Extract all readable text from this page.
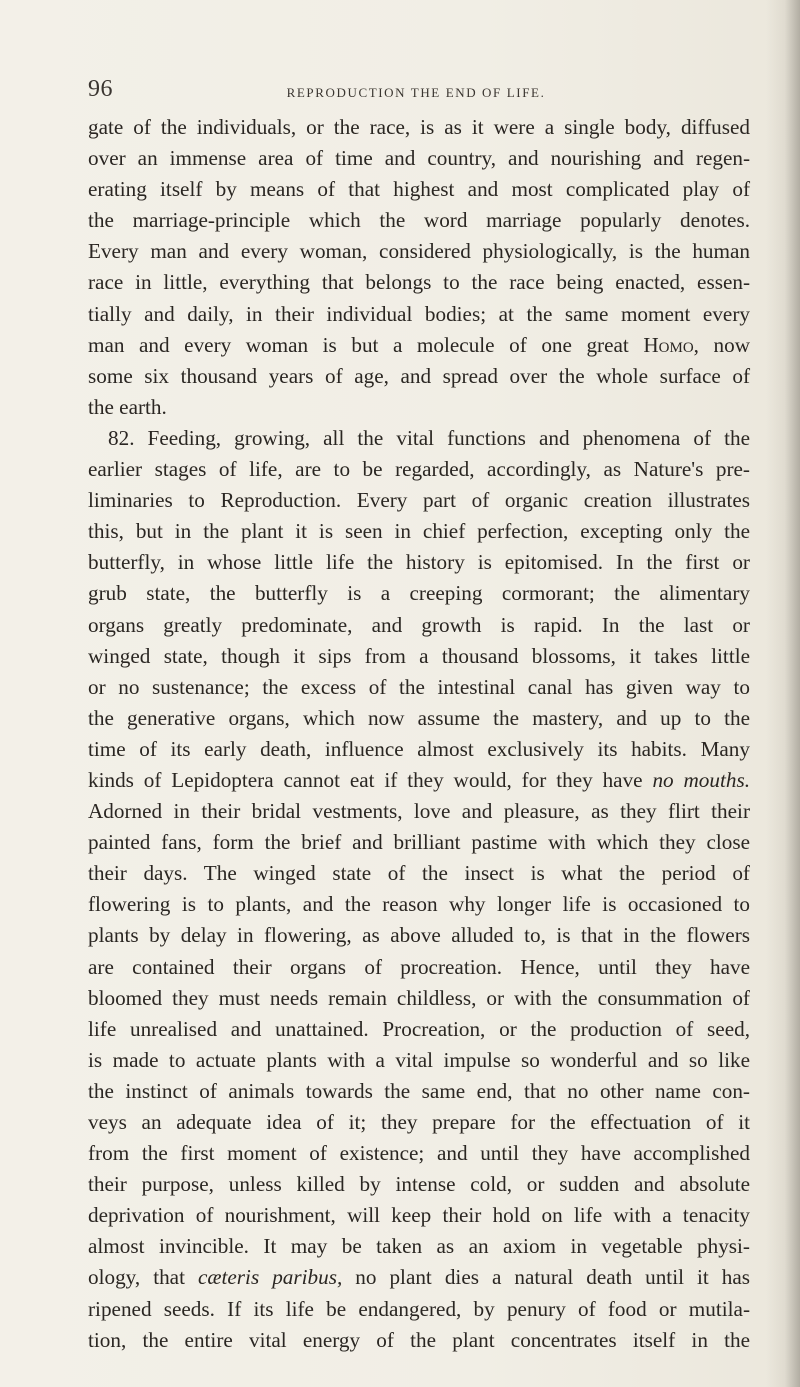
96	REPRODUCTION THE END OF LIFE.
gate of the individuals, or the race, is as it were a single body, diffused
over an immense area of time and country, and nourishing and regen-
erating itself by means of that highest and most complicated play of
the marriage-principle which the word marriage popularly denotes.
Every man and every woman, considered physiologically, is the human
race in little, everything that belongs to the race being enacted, essen-
tially and daily, in their individual bodies; at the same moment every
man and every woman is but a molecule of one great Homo, now
some six thousand years of age, and spread over the whole surface of
the earth.
82. Feeding, growing, all the vital functions and phenomena of the
earlier stages of life, are to be regarded, accordingly, as Nature's pre-
liminaries to Reproduction. Every part of organic creation illustrates
this, but in the plant it is seen in chief perfection, excepting only the
butterfly, in whose little life the history is epitomised. In the first or
grub state, the butterfly is a creeping cormorant; the alimentary
organs greatly predominate, and growth is rapid. In the last or
winged state, though it sips from a thousand blossoms, it takes little
or no sustenance; the excess of the intestinal canal has given way to
the generative organs, which now assume the mastery, and up to the
time of its early death, influence almost exclusively its habits. Many
kinds of Lepidoptera cannot eat if they would, for they have no mouths.
Adorned in their bridal vestments, love and pleasure, as they flirt their
painted fans, form the brief and brilliant pastime with which they close
their days. The winged state of the insect is what the period of
flowering is to plants, and the reason why longer life is occasioned to
plants by delay in flowering, as above alluded to, is that in the flowers
are contained their organs of procreation. Hence, until they have
bloomed they must needs remain childless, or with the consummation of
life unrealised and unattained. Procreation, or the production of seed,
is made to actuate plants with a vital impulse so wonderful and so like
the instinct of animals towards the same end, that no other name con-
veys an adequate idea of it; they prepare for the effectuation of it
from the first moment of existence; and until they have accomplished
their purpose, unless killed by intense cold, or sudden and absolute
deprivation of nourishment, will keep their hold on life with a tenacity
almost invincible. It may be taken as an axiom in vegetable physi-
ology, that cæteris paribus, no plant dies a natural death until it has
ripened seeds. If its life be endangered, by penury of food or mutila-
tion, the entire vital energy of the plant concentrates itself in the
